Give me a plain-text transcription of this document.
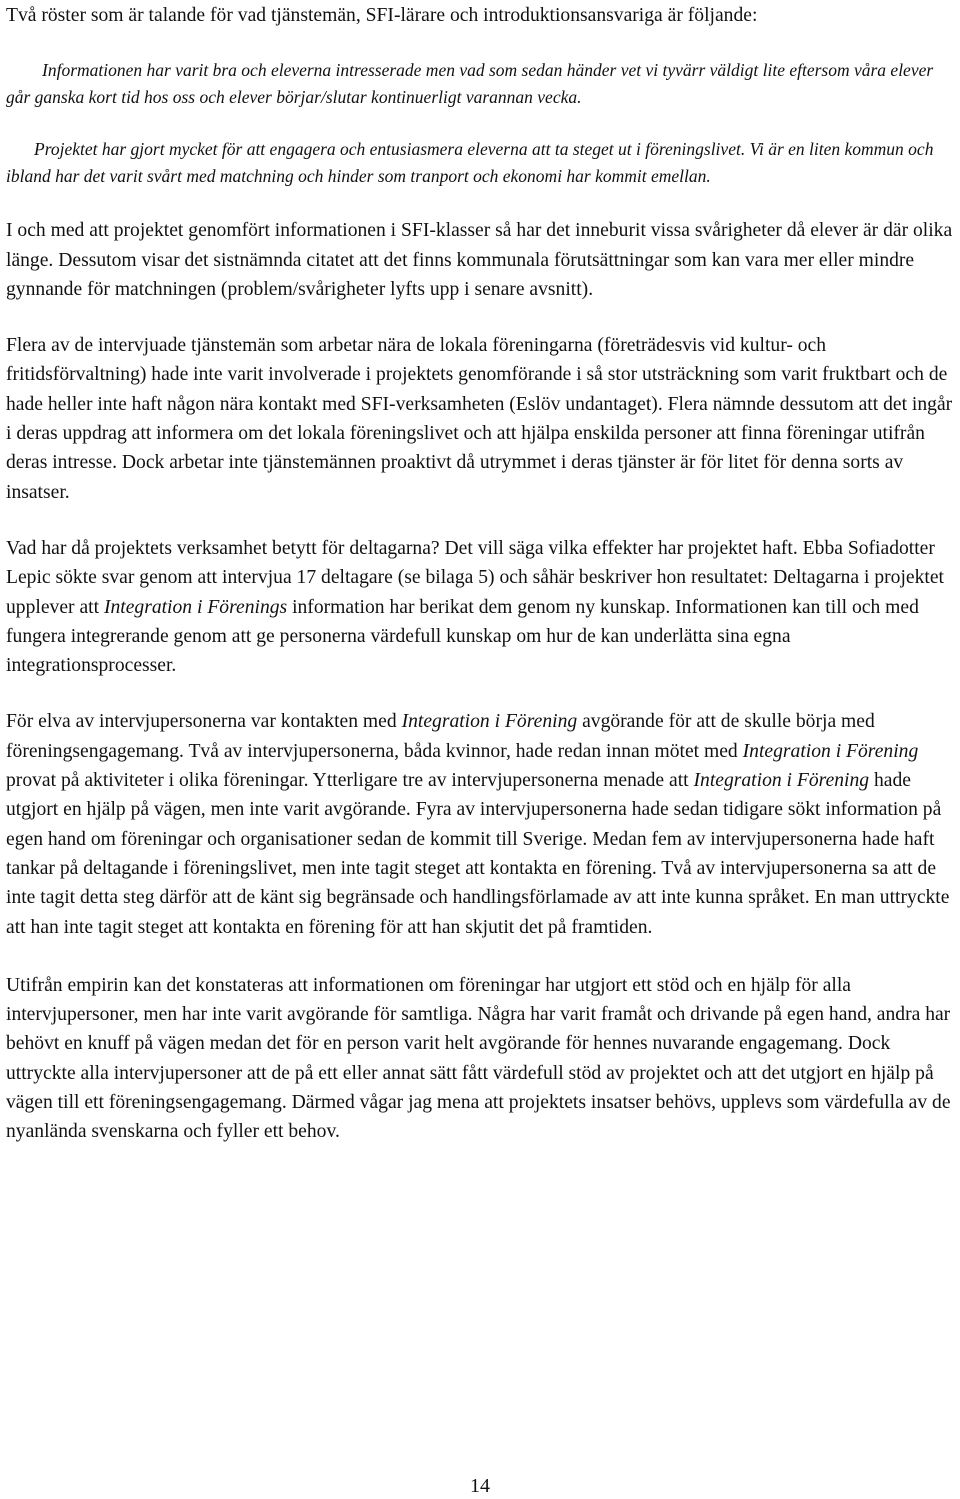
Två röster som är talande för vad tjänstemän, SFI-lärare och introduktionsansvariga är följande:

Informationen har varit bra och eleverna intresserade men vad som sedan händer vet vi tyvärr väldigt lite eftersom våra elever går ganska kort tid hos oss och elever börjar/slutar kontinuerligt varannan vecka.

Projektet har gjort mycket för att engagera och entusiasmera eleverna att ta steget ut i föreningslivet. Vi är en liten kommun och ibland har det varit svårt med matchning och hinder som tranport och ekonomi har kommit emellan.

I och med att projektet genomfört informationen i SFI-klasser så har det inneburit vissa svårigheter då elever är där olika länge. Dessutom visar det sistnämnda citatet att det finns kommunala förutsättningar som kan vara mer eller mindre gynnande för matchningen (problem/svårigheter lyfts upp i senare avsnitt).

Flera av de intervjuade tjänstemän som arbetar nära de lokala föreningarna (företrädesvis vid kultur- och fritidsförvaltning) hade inte varit involverade i projektets genomförande i så stor utsträckning som varit fruktbart och de hade heller inte haft någon nära kontakt med SFI-verksamheten (Eslöv undantaget). Flera nämnde dessutom att det ingår i deras uppdrag att informera om det lokala föreningslivet och att hjälpa enskilda personer att finna föreningar utifrån deras intresse. Dock arbetar inte tjänstemännen proaktivt då utrymmet i deras tjänster är för litet för denna sorts av insatser.

Vad har då projektets verksamhet betytt för deltagarna? Det vill säga vilka effekter har projektet haft. Ebba Sofiadotter Lepic sökte svar genom att intervjua 17 deltagare (se bilaga 5) och såhär beskriver hon resultatet: Deltagarna i projektet upplever att Integration i Förenings information har berikat dem genom ny kunskap. Informationen kan till och med fungera integrerande genom att ge personerna värdefull kunskap om hur de kan underlätta sina egna integrationsprocesser.

För elva av intervjupersonerna var kontakten med Integration i Förening avgörande för att de skulle börja med föreningsengagemang. Två av intervjupersonerna, båda kvinnor, hade redan innan mötet med Integration i Förening provat på aktiviteter i olika föreningar. Ytterligare tre av intervjupersonerna menade att Integration i Förening hade utgjort en hjälp på vägen, men inte varit avgörande. Fyra av intervjupersonerna hade sedan tidigare sökt information på egen hand om föreningar och organisationer sedan de kommit till Sverige. Medan fem av intervjupersonerna hade haft tankar på deltagande i föreningslivet, men inte tagit steget att kontakta en förening. Två av intervjupersonerna sa att de inte tagit detta steg därför att de känt sig begränsade och handlingsförlamade av att inte kunna språket. En man uttryckte att han inte tagit steget att kontakta en förening för att han skjutit det på framtiden.

Utifrån empirin kan det konstateras att informationen om föreningar har utgjort ett stöd och en hjälp för alla intervjupersoner, men har inte varit avgörande för samtliga. Några har varit framåt och drivande på egen hand, andra har behövt en knuff på vägen medan det för en person varit helt avgörande för hennes nuvarande engagemang. Dock uttryckte alla intervjupersoner att de på ett eller annat sätt fått värdefull stöd av projektet och att det utgjort en hjälp på vägen till ett föreningsengagemang. Därmed vågar jag mena att projektets insatser behövs, upplevs som värdefulla av de nyanlända svenskarna och fyller ett behov.

14
